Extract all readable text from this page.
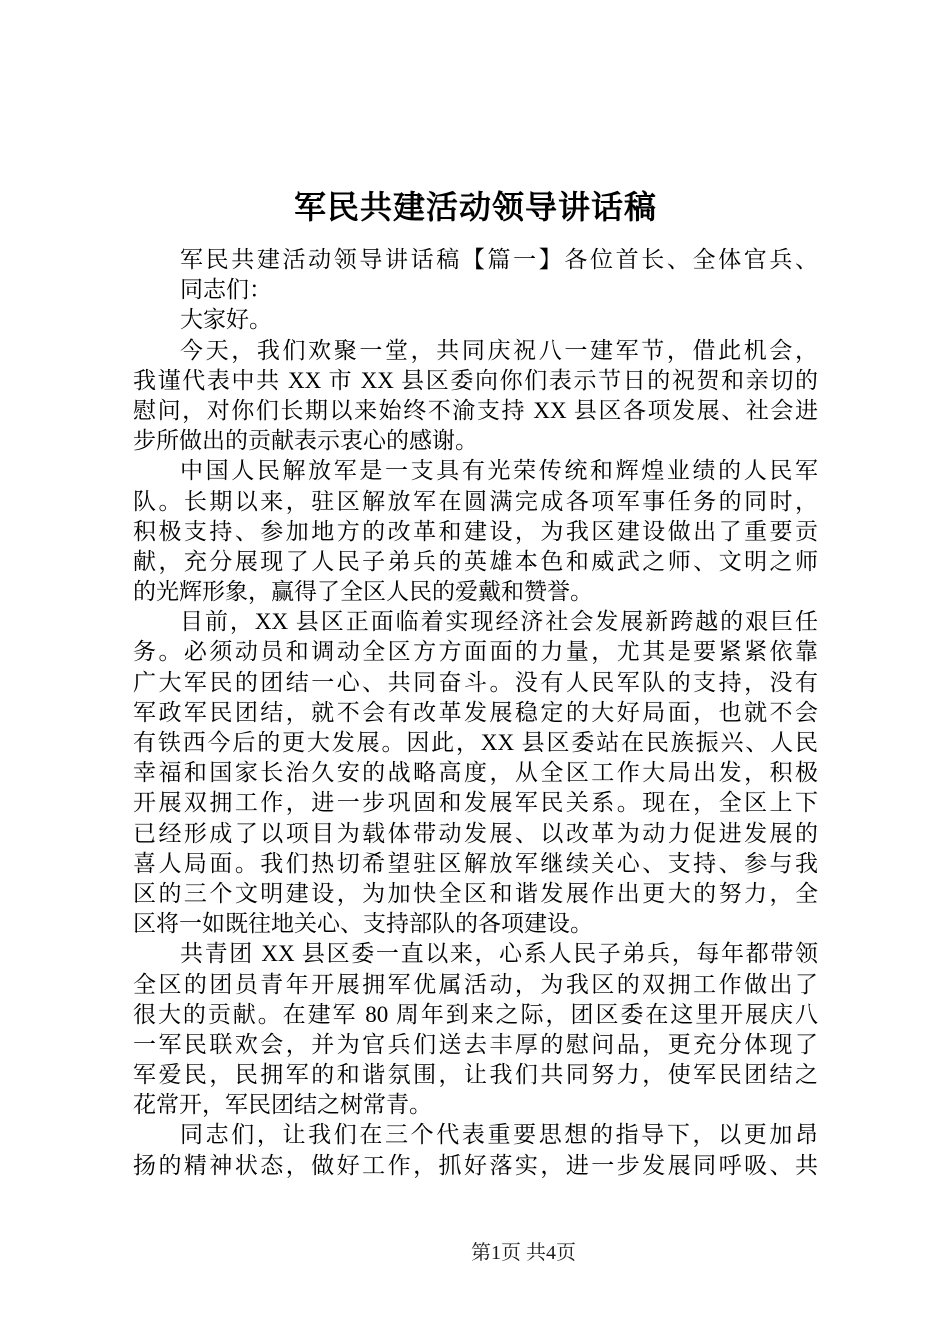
军民共建活动领导讲话稿
军民共建活动领导讲话稿【篇一】各位首长、全体官兵、
同志们：
大家好。
今天，我们欢聚一堂，共同庆祝八一建军节，借此机会，
我谨代表中共 XX 市 XX 县区委向你们表示节日的祝贺和亲切的
慰问，对你们长期以来始终不渝支持 XX 县区各项发展、社会进
步所做出的贡献表示衷心的感谢。
中国人民解放军是一支具有光荣传统和辉煌业绩的人民军
队。长期以来，驻区解放军在圆满完成各项军事任务的同时，
积极支持、参加地方的改革和建设，为我区建设做出了重要贡
献，充分展现了人民子弟兵的英雄本色和威武之师、文明之师
的光辉形象，赢得了全区人民的爱戴和赞誉。
目前，XX 县区正面临着实现经济社会发展新跨越的艰巨任
务。必须动员和调动全区方方面面的力量，尤其是要紧紧依靠
广大军民的团结一心、共同奋斗。没有人民军队的支持，没有
军政军民团结，就不会有改革发展稳定的大好局面，也就不会
有铁西今后的更大发展。因此，XX 县区委站在民族振兴、人民
幸福和国家长治久安的战略高度，从全区工作大局出发，积极
开展双拥工作，进一步巩固和发展军民关系。现在，全区上下
已经形成了以项目为载体带动发展、以改革为动力促进发展的
喜人局面。我们热切希望驻区解放军继续关心、支持、参与我
区的三个文明建设，为加快全区和谐发展作出更大的努力，全
区将一如既往地关心、支持部队的各项建设。
共青团 XX 县区委一直以来，心系人民子弟兵，每年都带领
全区的团员青年开展拥军优属活动，为我区的双拥工作做出了
很大的贡献。在建军 80 周年到来之际，团区委在这里开展庆八
一军民联欢会，并为官兵们送去丰厚的慰问品，更充分体现了
军爱民，民拥军的和谐氛围，让我们共同努力，使军民团结之
花常开，军民团结之树常青。
同志们，让我们在三个代表重要思想的指导下，以更加昂
扬的精神状态，做好工作，抓好落实，进一步发展同呼吸、共
第1页 共4页
